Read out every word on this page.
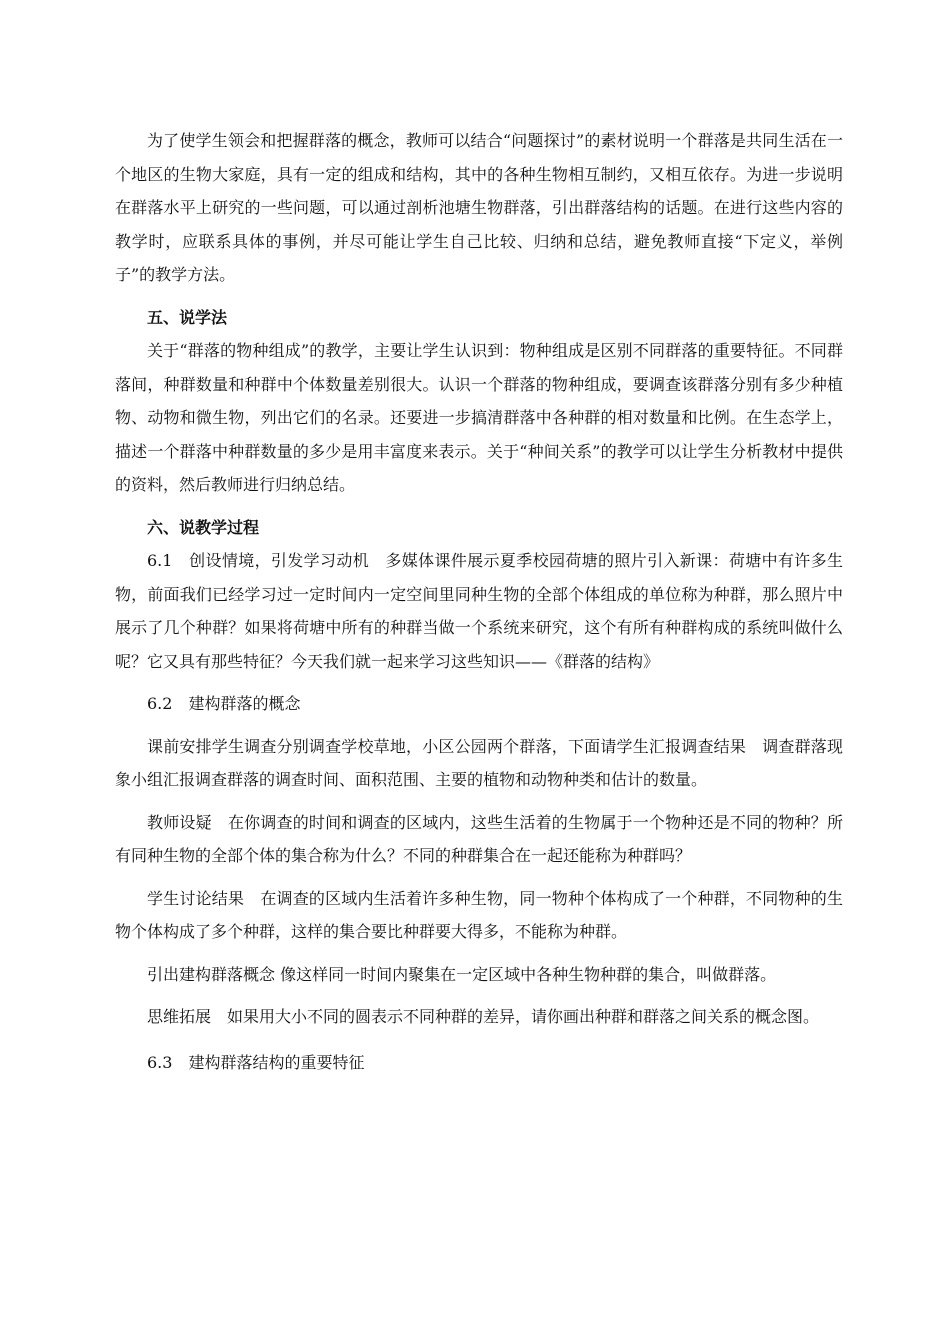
为了使学生领会和把握群落的概念，教师可以结合“问题探讨”的素材说明一个群落是共同生活在一个地区的生物大家庭，具有一定的组成和结构，其中的各种生物相互制约，又相互依存。为进一步说明在群落水平上研究的一些问题，可以通过剖析池塘生物群落，引出群落结构的话题。在进行这些内容的教学时，应联系具体的事例，并尽可能让学生自己比较、归纳和总结，避免教师直接“下定义，举例子”的教学方法。

五、说学法

关于“群落的物种组成”的教学，主要让学生认识到：物种组成是区别不同群落的重要特征。不同群落间，种群数量和种群中个体数量差别很大。认识一个群落的物种组成，要调查该群落分别有多少种植物、动物和微生物，列出它们的名录。还要进一步搞清群落中各种群的相对数量和比例。在生态学上，描述一个群落中种群数量的多少是用丰富度来表示。关于“种间关系”的教学可以让学生分析教材中提供的资料，然后教师进行归纳总结。

六、说教学过程

6.1　创设情境，引发学习动机　多媒体课件展示夏季校园荷塘的照片引入新课：荷塘中有许多生物，前面我们已经学习过一定时间内一定空间里同种生物的全部个体组成的单位称为种群，那么照片中展示了几个种群？如果将荷塘中所有的种群当做一个系统来研究，这个有所有种群构成的系统叫做什么呢？它又具有那些特征？今天我们就一起来学习这些知识——《群落的结构》

6.2　建构群落的概念

课前安排学生调查分别调查学校草地，小区公园两个群落，下面请学生汇报调查结果　调查群落现象小组汇报调查群落的调查时间、面积范围、主要的植物和动物种类和估计的数量。

教师设疑　在你调查的时间和调查的区域内，这些生活着的生物属于一个物种还是不同的物种？所有同种生物的全部个体的集合称为什么？不同的种群集合在一起还能称为种群吗？

学生讨论结果　在调查的区域内生活着许多种生物，同一物种个体构成了一个种群，不同物种的生物个体构成了多个种群，这样的集合要比种群要大得多，不能称为种群。

引出建构群落概念 像这样同一时间内聚集在一定区域中各种生物种群的集合，叫做群落。

思维拓展　如果用大小不同的圆表示不同种群的差异，请你画出种群和群落之间关系的概念图。

6.3　建构群落结构的重要特征
